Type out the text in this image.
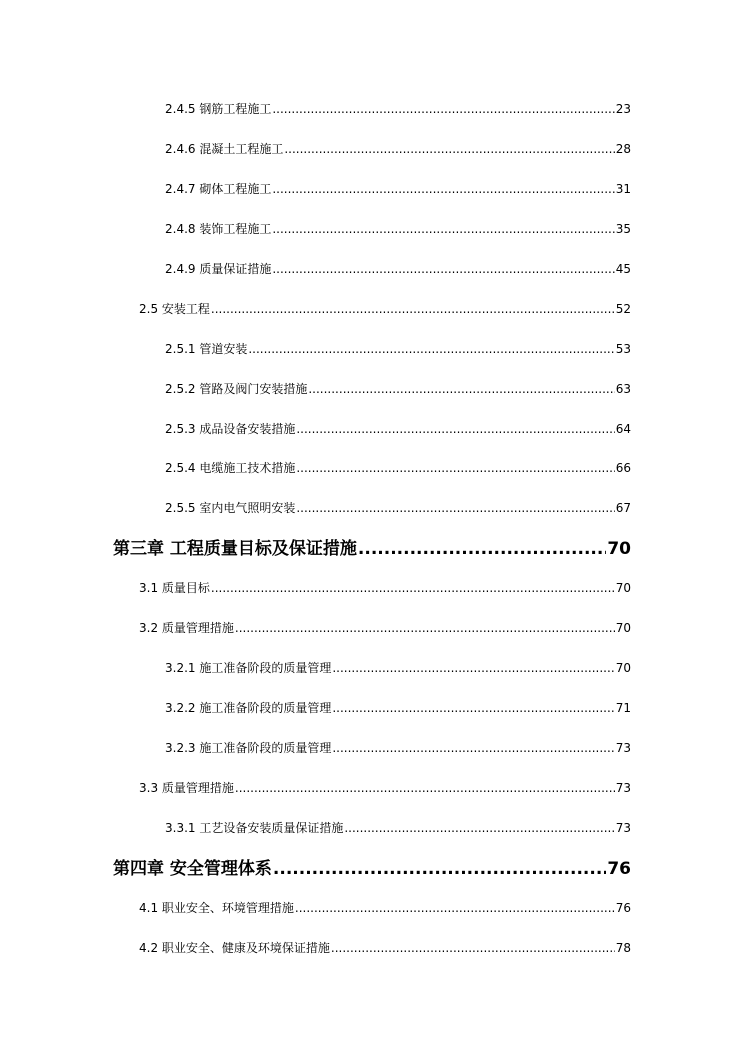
2.4.5 钢筋工程施工 .....	23
2.4.6 混凝土工程施工 .....	28
2.4.7 砌体工程施工 .....	31
2.4.8 装饰工程施工 .....	35
2.4.9 质量保证措施 .....	45
2.5 安装工程 .....	52
2.5.1 管道安装 .....	53
2.5.2 管路及阀门安装措施 .....	63
2.5.3 成品设备安装措施 .....	64
2.5.4 电缆施工技术措施 .....	66
2.5.5 室内电气照明安装 .....	67
第三章 工程质量目标及保证措施 .....	70
3.1 质量目标 .....	70
3.2 质量管理措施 .....	70
3.2.1 施工准备阶段的质量管理 .....	70
3.2.2 施工准备阶段的质量管理 .....	71
3.2.3 施工准备阶段的质量管理 .....	73
3.3 质量管理措施 .....	73
3.3.1 工艺设备安装质量保证措施 .....	73
第四章 安全管理体系 .....	76
4.1 职业安全、环境管理措施 .....	76
4.2 职业安全、健康及环境保证措施 .....	78
